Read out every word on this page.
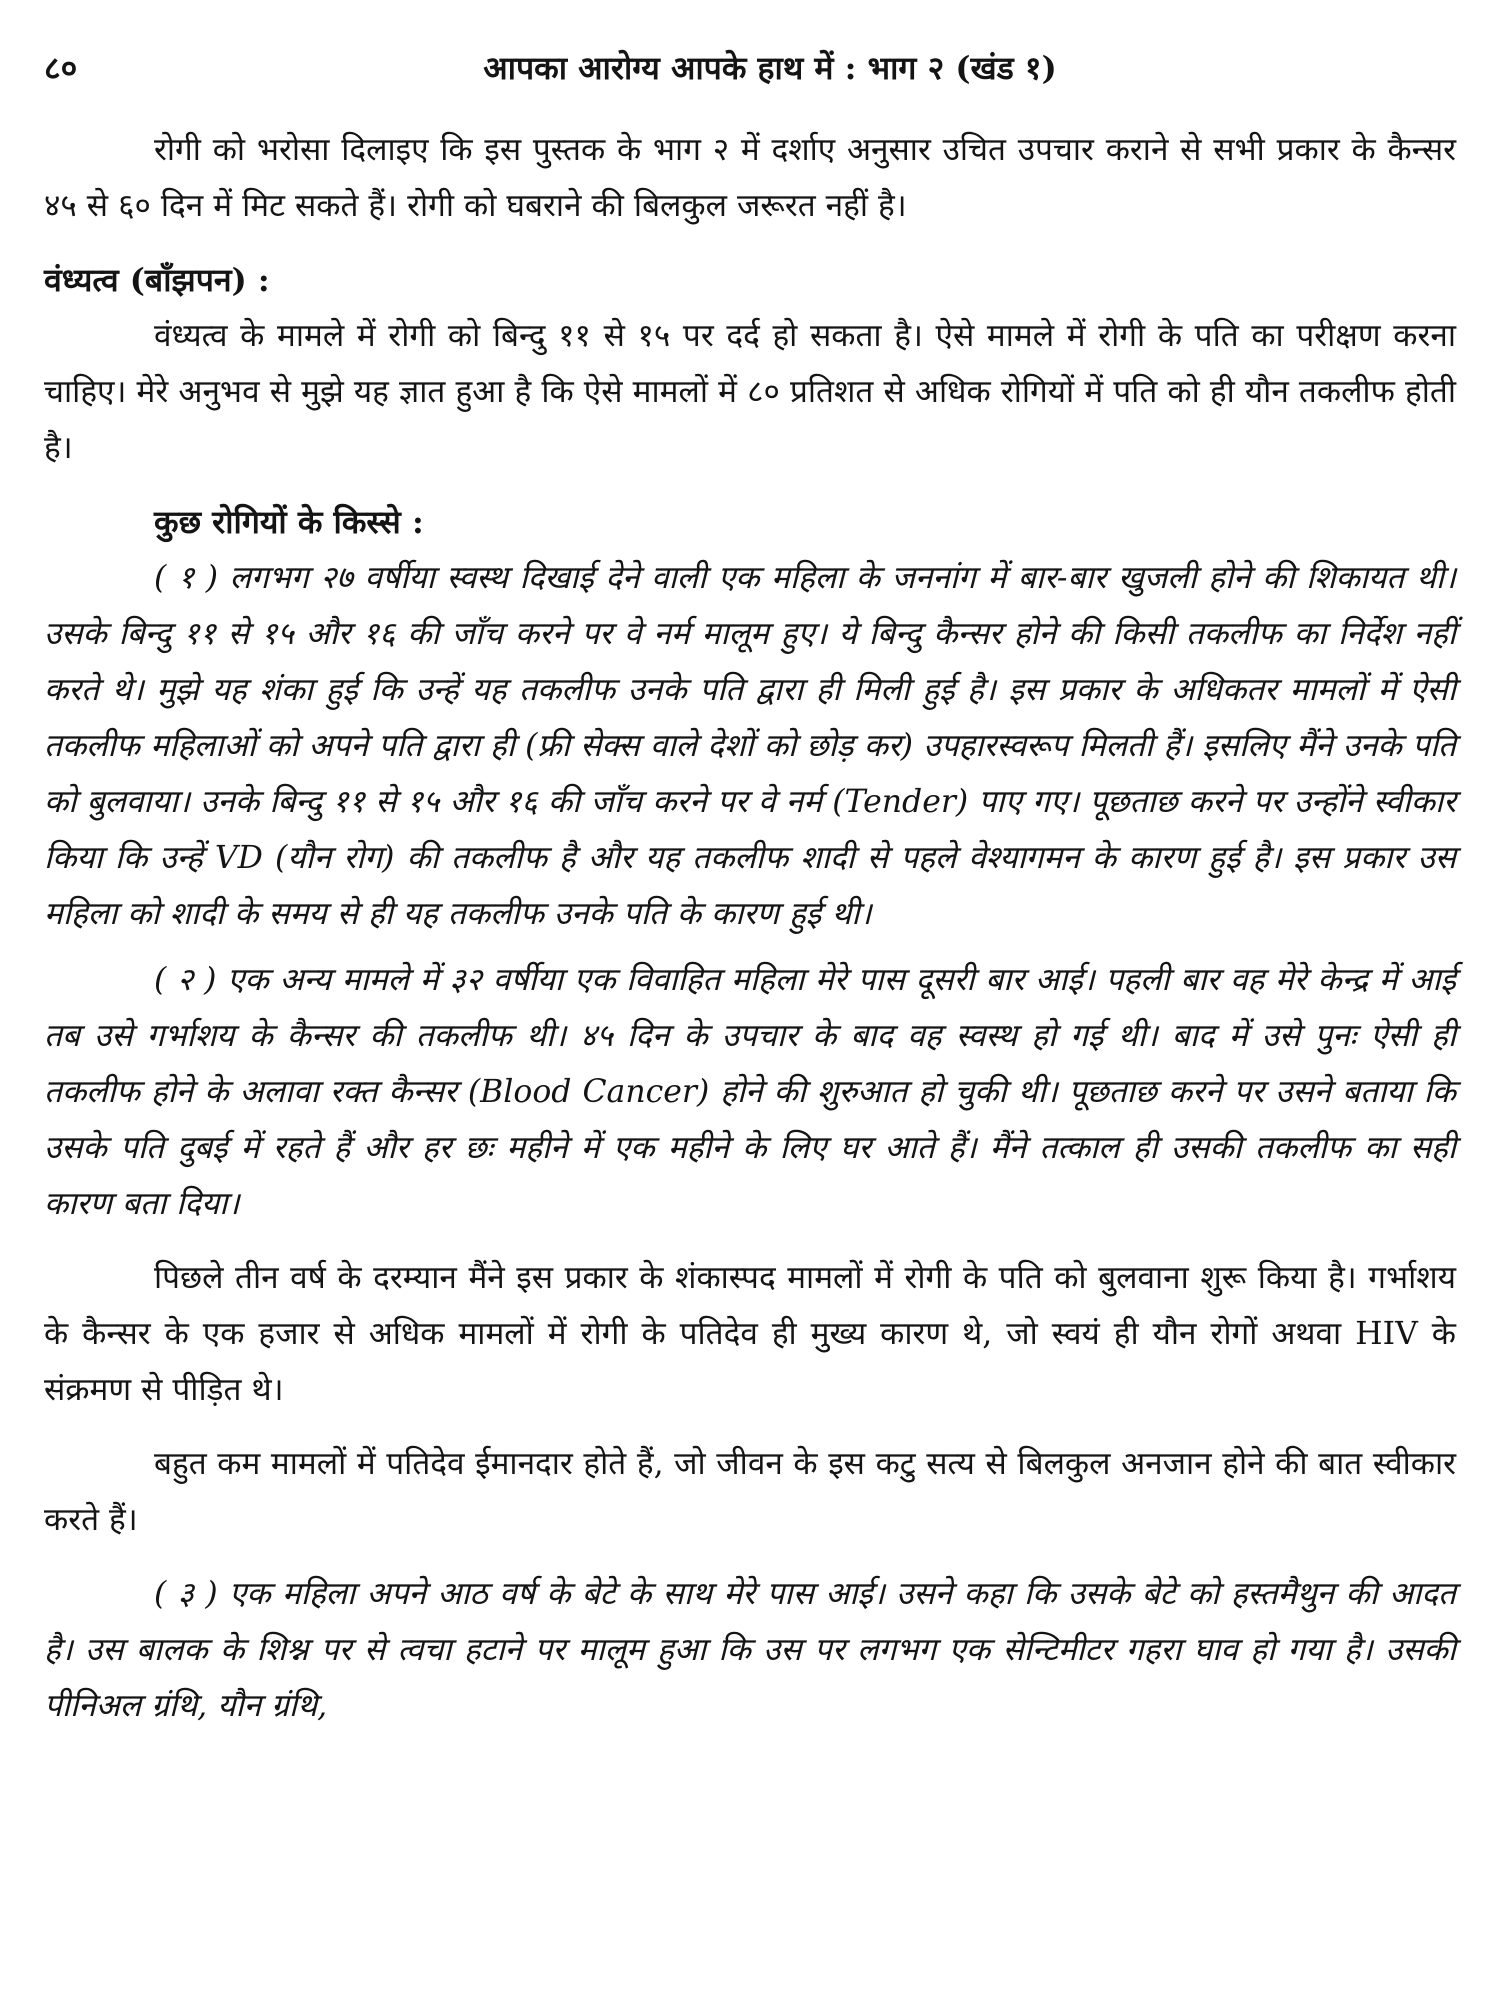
८०	आपका आरोग्य आपके हाथ में : भाग २ (खंड १)

रोगी को भरोसा दिलाइए कि इस पुस्तक के भाग २ में दर्शाए अनुसार उचित उपचार कराने से सभी प्रकार के कैन्सर ४५ से ६० दिन में मिट सकते हैं। रोगी को घबराने की बिलकुल जरूरत नहीं है।

वंध्यत्व (बाँझपन) :

वंध्यत्व के मामले में रोगी को बिन्दु ११ से १५ पर दर्द हो सकता है। ऐसे मामले में रोगी के पति का परीक्षण करना चाहिए। मेरे अनुभव से मुझे यह ज्ञात हुआ है कि ऐसे मामलों में ८० प्रतिशत से अधिक रोगियों में पति को ही यौन तकलीफ होती है।

कुछ रोगियों के किस्से :

( १ ) लगभग २७ वर्षीया स्वस्थ दिखाई देने वाली एक महिला के जननांग में बार-बार खुजली होने की शिकायत थी। उसके बिन्दु ११ से १५ और १६ की जाँच करने पर वे नर्म मालूम हुए। ये बिन्दु कैन्सर होने की किसी तकलीफ का निर्देश नहीं करते थे। मुझे यह शंका हुई कि उन्हें यह तकलीफ उनके पति द्वारा ही मिली हुई है। इस प्रकार के अधिकतर मामलों में ऐसी तकलीफ महिलाओं को अपने पति द्वारा ही (फ्री सेक्स वाले देशों को छोड़ कर) उपहारस्वरूप मिलती हैं। इसलिए मैंने उनके पति को बुलवाया। उनके बिन्दु ११ से १५ और १६ की जाँच करने पर वे नर्म (Tender) पाए गए। पूछताछ करने पर उन्होंने स्वीकार किया कि उन्हें VD (यौन रोग) की तकलीफ है और यह तकलीफ शादी से पहले वेश्यागमन के कारण हुई है। इस प्रकार उस महिला को शादी के समय से ही यह तकलीफ उनके पति के कारण हुई थी।

( २ ) एक अन्य मामले में ३२ वर्षीया एक विवाहित महिला मेरे पास दूसरी बार आई। पहली बार वह मेरे केन्द्र में आई तब उसे गर्भाशय के कैन्सर की तकलीफ थी। ४५ दिन के उपचार के बाद वह स्वस्थ हो गई थी। बाद में उसे पुनः ऐसी ही तकलीफ होने के अलावा रक्त कैन्सर (Blood Cancer) होने की शुरुआत हो चुकी थी। पूछताछ करने पर उसने बताया कि उसके पति दुबई में रहते हैं और हर छः महीने में एक महीने के लिए घर आते हैं। मैंने तत्काल ही उसकी तकलीफ का सही कारण बता दिया।

पिछले तीन वर्ष के दरम्यान मैंने इस प्रकार के शंकास्पद मामलों में रोगी के पति को बुलवाना शुरू किया है। गर्भाशय के कैन्सर के एक हजार से अधिक मामलों में रोगी के पतिदेव ही मुख्य कारण थे, जो स्वयं ही यौन रोगों अथवा HIV के संक्रमण से पीड़ित थे।

बहुत कम मामलों में पतिदेव ईमानदार होते हैं, जो जीवन के इस कटु सत्य से बिलकुल अनजान होने की बात स्वीकार करते हैं।

( ३ ) एक महिला अपने आठ वर्ष के बेटे के साथ मेरे पास आई। उसने कहा कि उसके बेटे को हस्तमैथुन की आदत है। उस बालक के शिश्न पर से त्वचा हटाने पर मालूम हुआ कि उस पर लगभग एक सेन्टिमीटर गहरा घाव हो गया है। उसकी पीनिअल ग्रंथि, यौन ग्रंथि,
